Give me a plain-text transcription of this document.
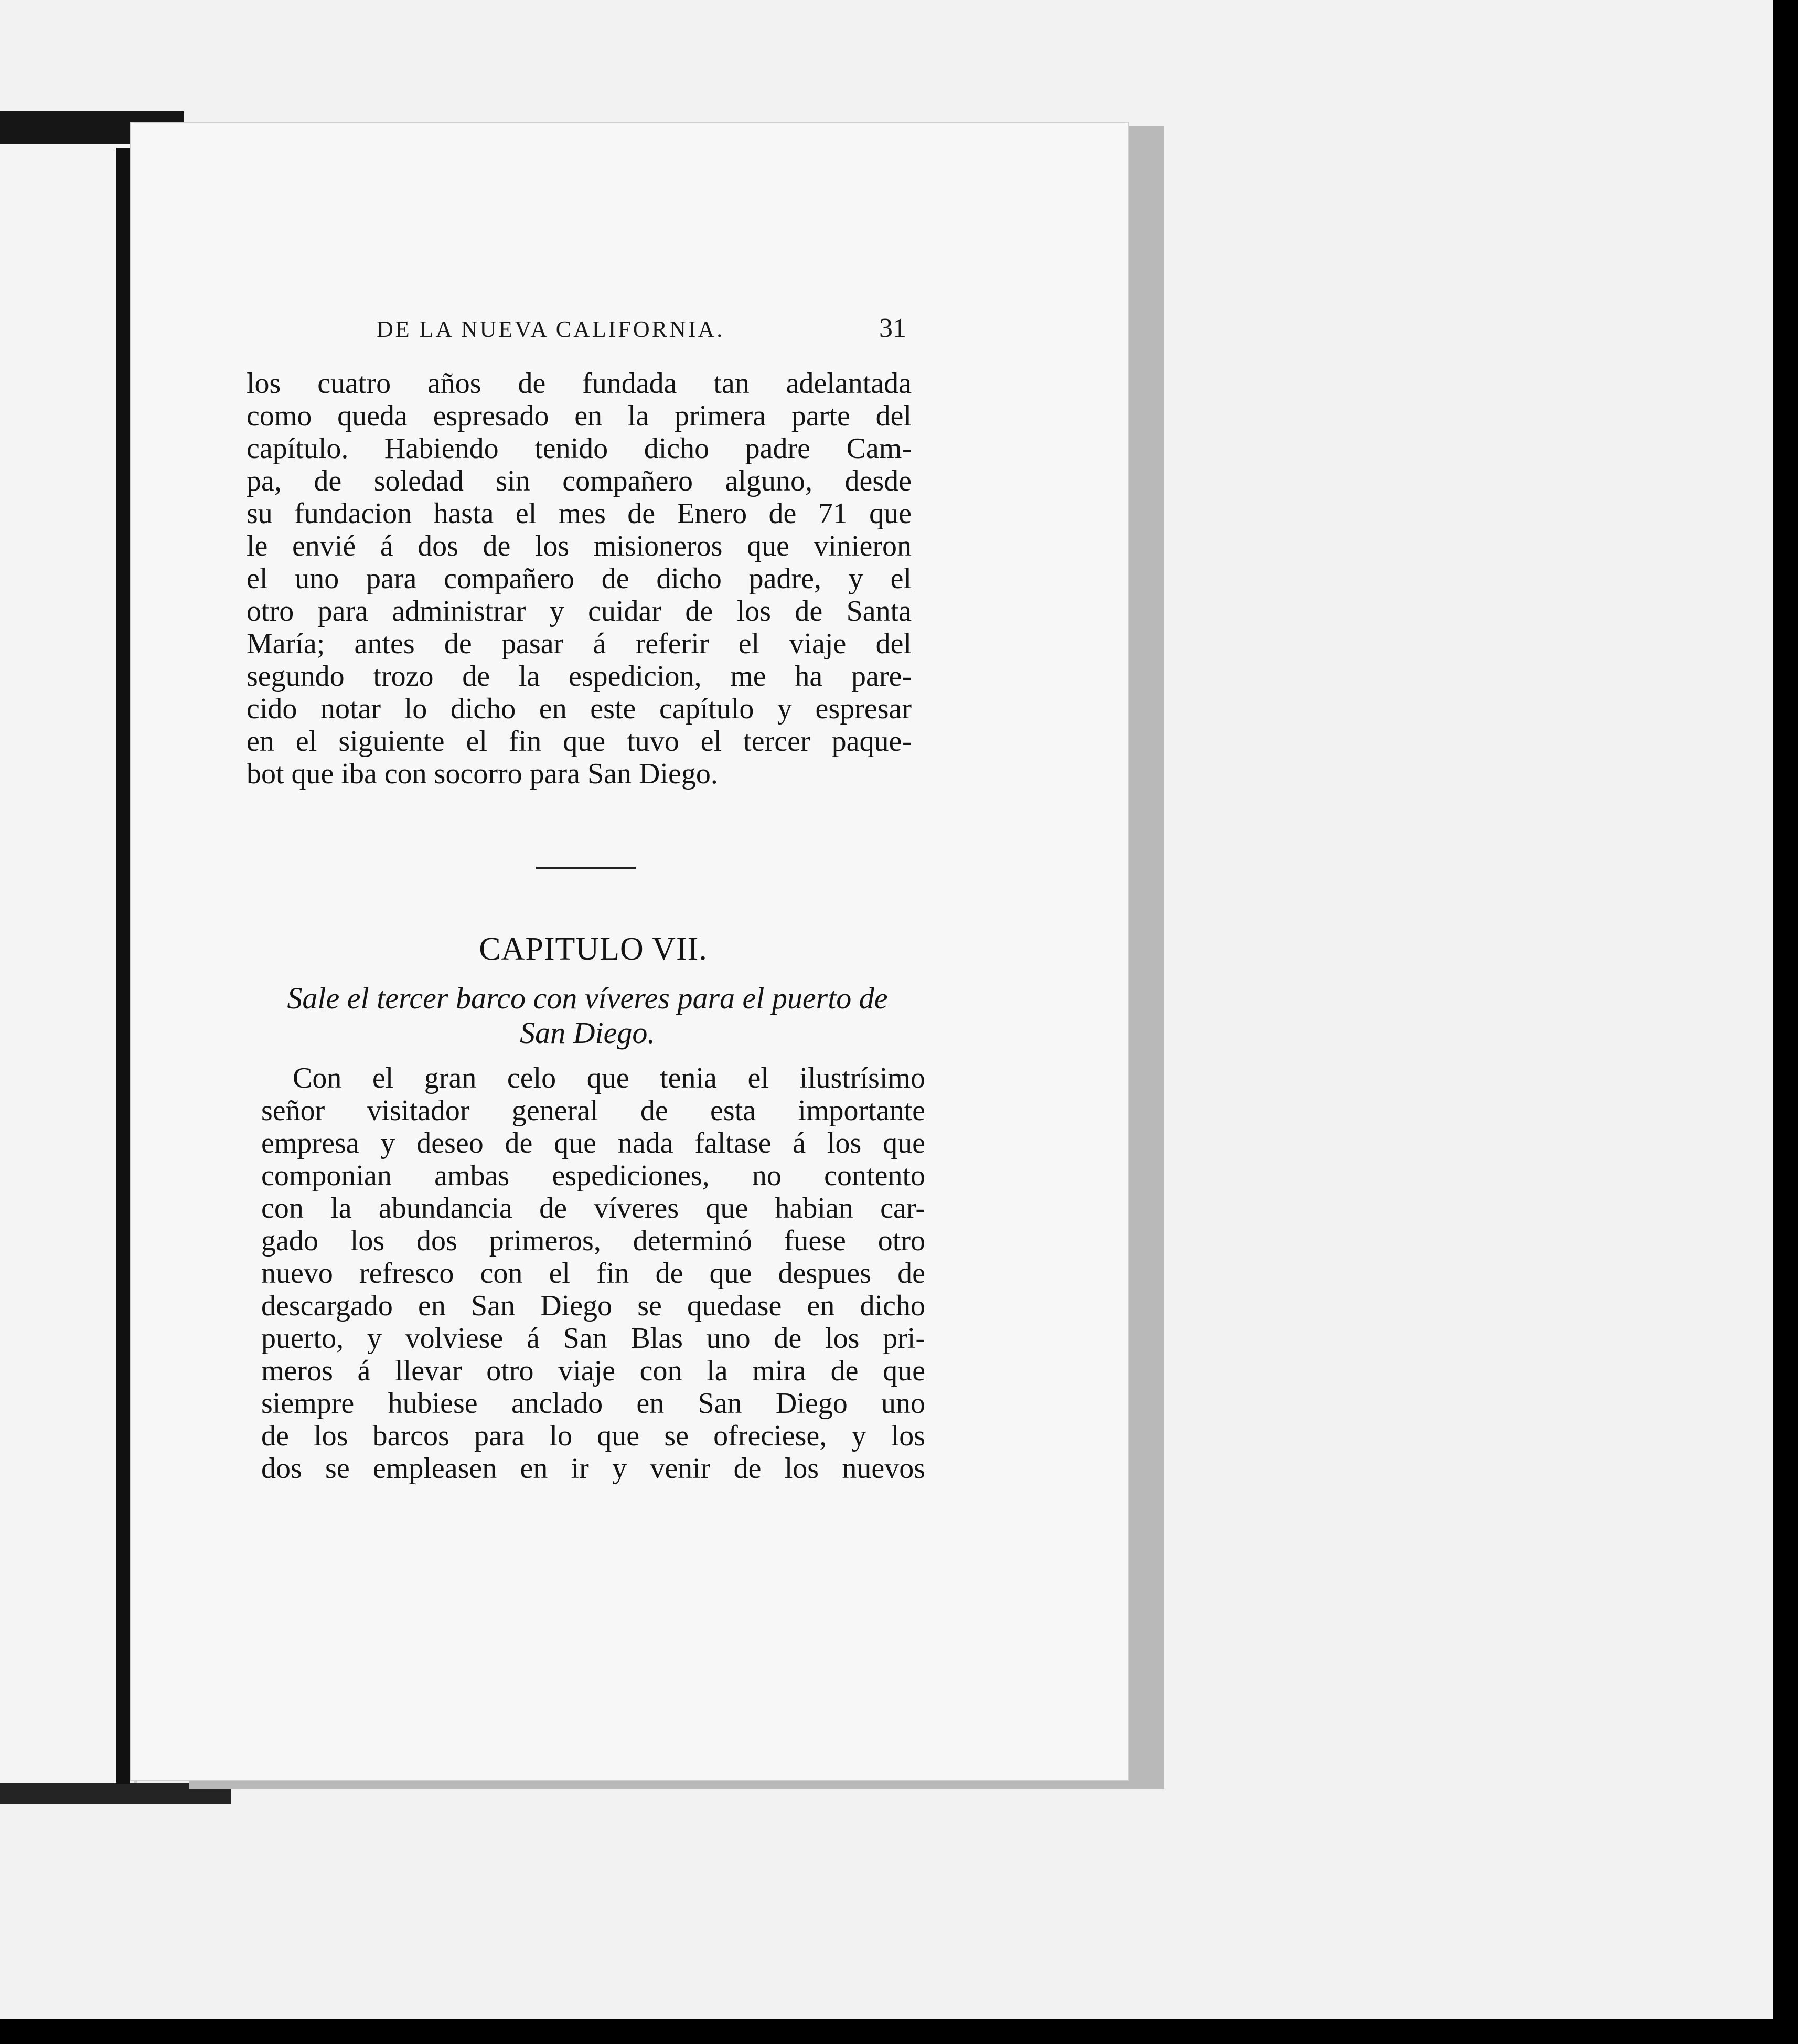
DE LA NUEVA CALIFORNIA.	31

los cuatro años de fundada tan adelantada
como queda espresado en la primera parte del
capítulo. Habiendo tenido dicho padre Cam-
pa, de soledad sin compañero alguno, desde
su fundacion hasta el mes de Enero de 71 que
le envié á dos de los misioneros que vinieron
el uno para compañero de dicho padre, y el
otro para administrar y cuidar de los de Santa
María; antes de pasar á referir el viaje del
segundo trozo de la espedicion, me ha pare-
cido notar lo dicho en este capítulo y espresar
en el siguiente el fin que tuvo el tercer paque-
bot que iba con socorro para San Diego.

CAPITULO VII.

Sale el tercer barco con víveres para el puerto de
San Diego.

Con el gran celo que tenia el ilustrísimo
señor visitador general de esta importante
empresa y deseo de que nada faltase á los que
componian ambas espediciones, no contento
con la abundancia de víveres que habian car-
gado los dos primeros, determinó fuese otro
nuevo refresco con el fin de que despues de
descargado en San Diego se quedase en dicho
puerto, y volviese á San Blas uno de los pri-
meros á llevar otro viaje con la mira de que
siempre hubiese anclado en San Diego uno
de los barcos para lo que se ofreciese, y los
dos se empleasen en ir y venir de los nuevos
